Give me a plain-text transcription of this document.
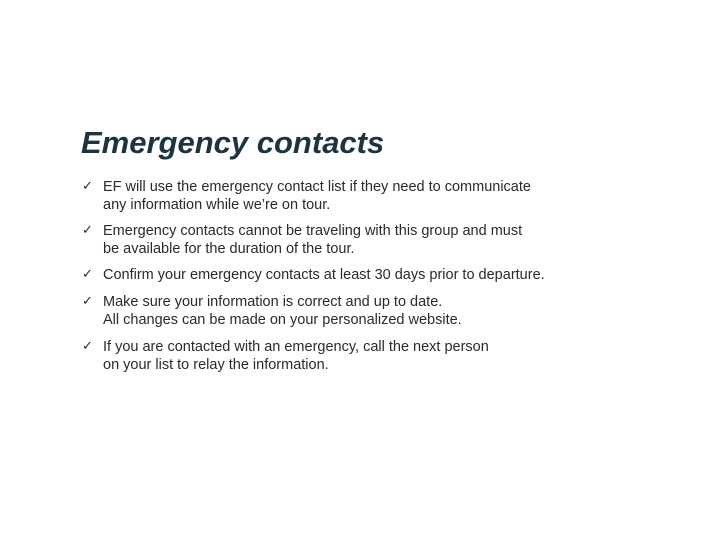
Emergency contacts
✓ EF will use the emergency contact list if they need to communicate
any information while we’re on tour.
✓ Emergency contacts cannot be traveling with this group and must
be available for the duration of the tour.
✓ Confirm your emergency contacts at least 30 days prior to departure.
✓ Make sure your information is correct and up to date.
All changes can be made on your personalized website.
✓ If you are contacted with an emergency, call the next person
on your list to relay the information.
